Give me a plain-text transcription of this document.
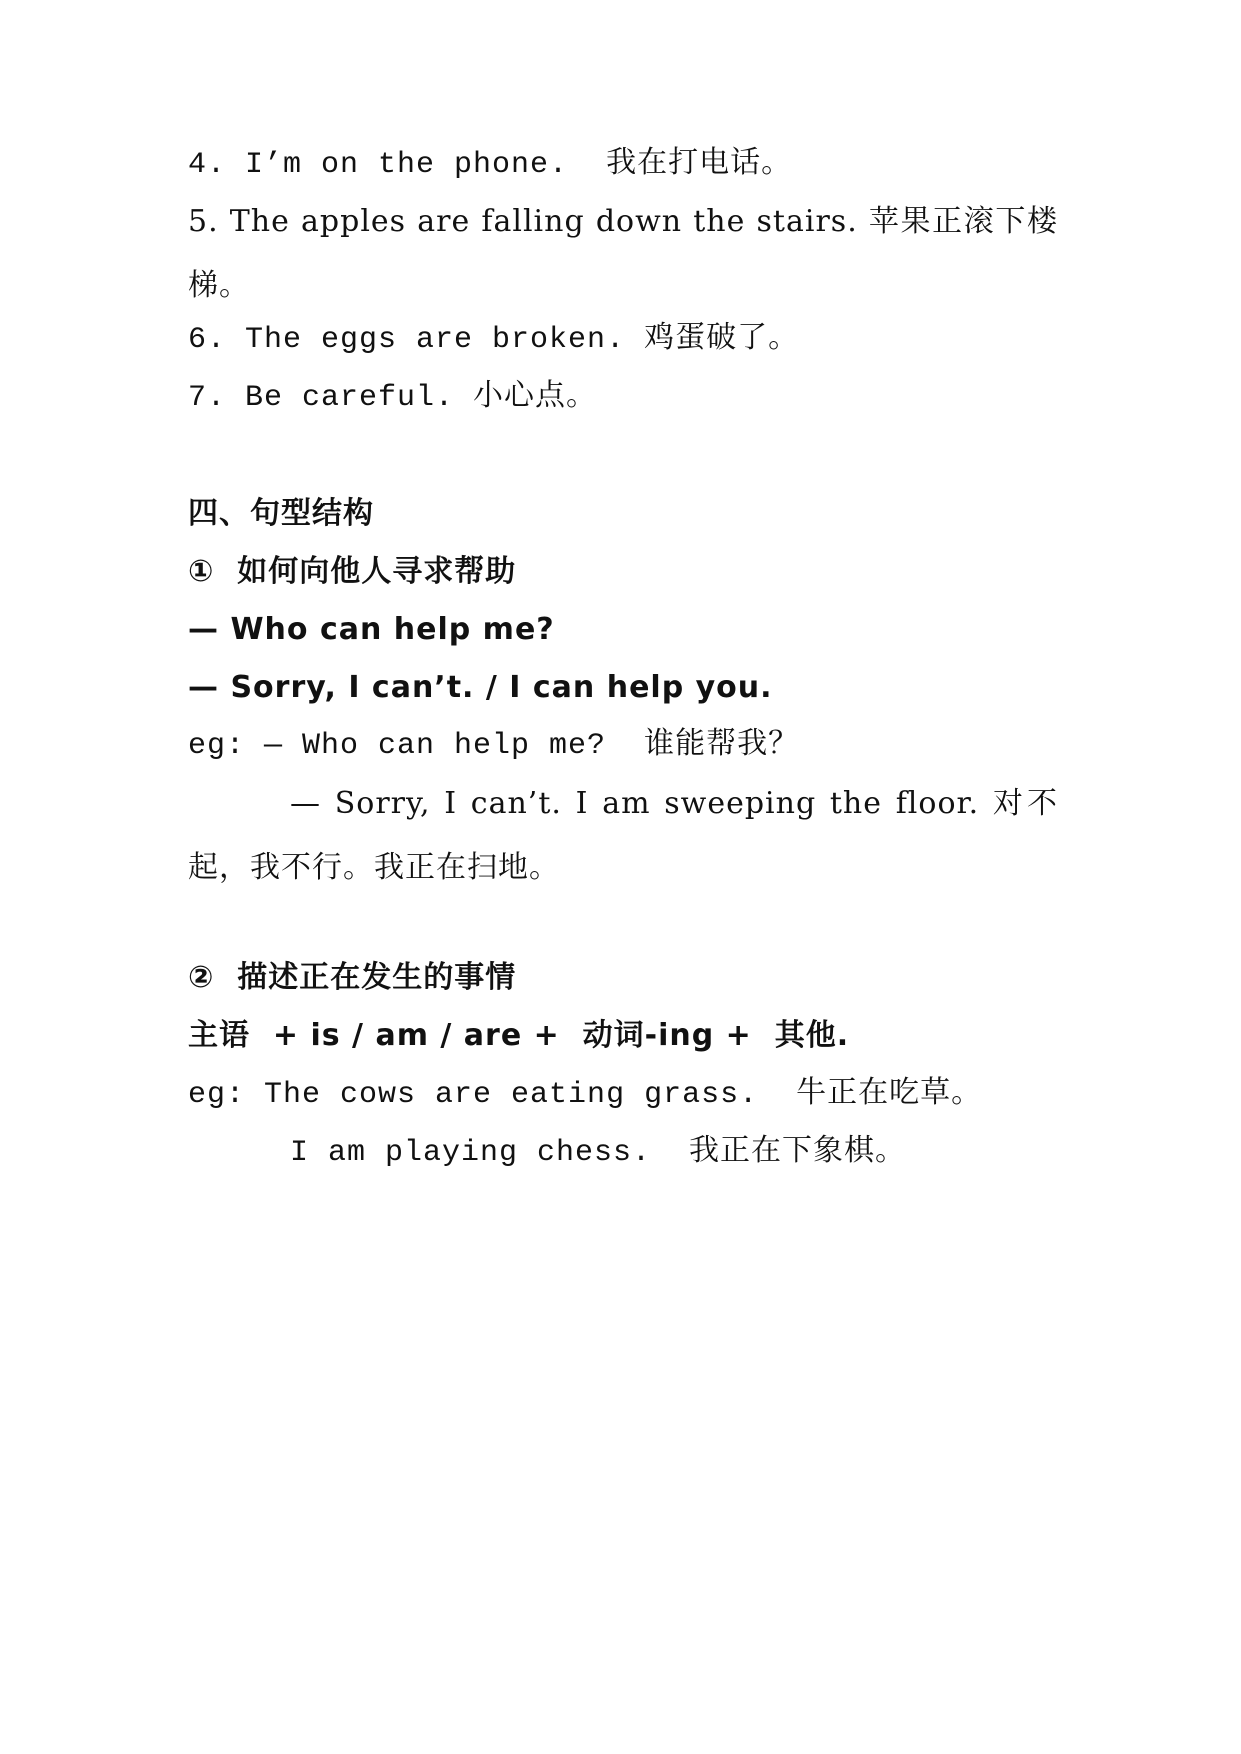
4. I’m on the phone.  我在打电话。
5. The apples are falling down the stairs. 苹果正滚下楼梯。
6. The eggs are broken. 鸡蛋破了。
7. Be careful. 小心点。
四、句型结构
①  如何向他人寻求帮助
— Who can help me?
— Sorry, I can’t. / I can help you.
eg: — Who can help me?  谁能帮我？
— Sorry, I can’t. I am sweeping the floor. 对不起，我不行。我正在扫地。
②  描述正在发生的事情
主语  + is / am / are +  动词-ing +  其他.
eg: The cows are eating grass.  牛正在吃草。
I am playing chess.  我正在下象棋。
